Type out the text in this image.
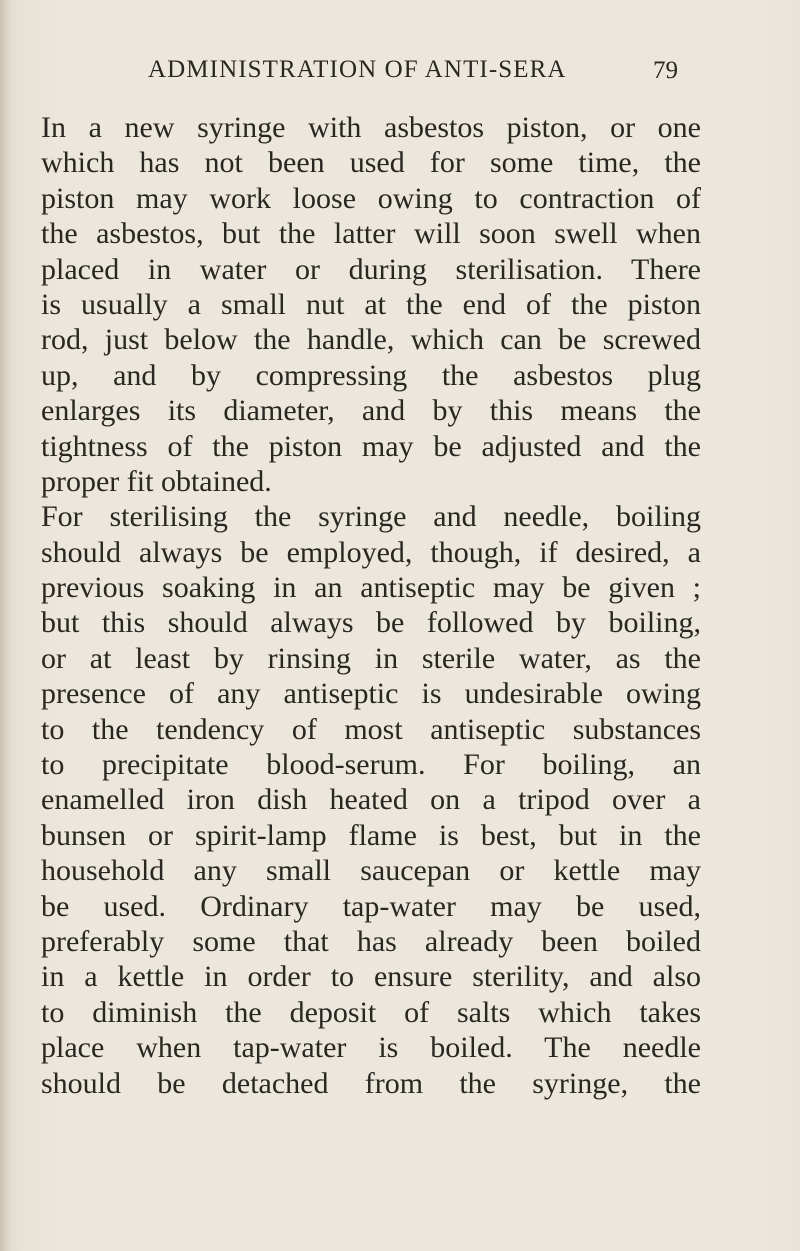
ADMINISTRATION OF ANTI-SERA	79
In a new syringe with asbestos piston, or one
which has not been used for some time, the
piston may work loose owing to contraction of
the asbestos, but the latter will soon swell when
placed in water or during sterilisation. There
is usually a small nut at the end of the piston
rod, just below the handle, which can be screwed
up, and by compressing the asbestos plug
enlarges its diameter, and by this means the
tightness of the piston may be adjusted and the
proper fit obtained.
For sterilising the syringe and needle, boiling
should always be employed, though, if desired, a
previous soaking in an antiseptic may be given ;
but this should always be followed by boiling,
or at least by rinsing in sterile water, as the
presence of any antiseptic is undesirable owing
to the tendency of most antiseptic substances
to precipitate blood-serum. For boiling, an
enamelled iron dish heated on a tripod over a
bunsen or spirit-lamp flame is best, but in the
household any small saucepan or kettle may
be used. Ordinary tap-water may be used,
preferably some that has already been boiled
in a kettle in order to ensure sterility, and also
to diminish the deposit of salts which takes
place when tap-water is boiled. The needle
should be detached from the syringe, the
